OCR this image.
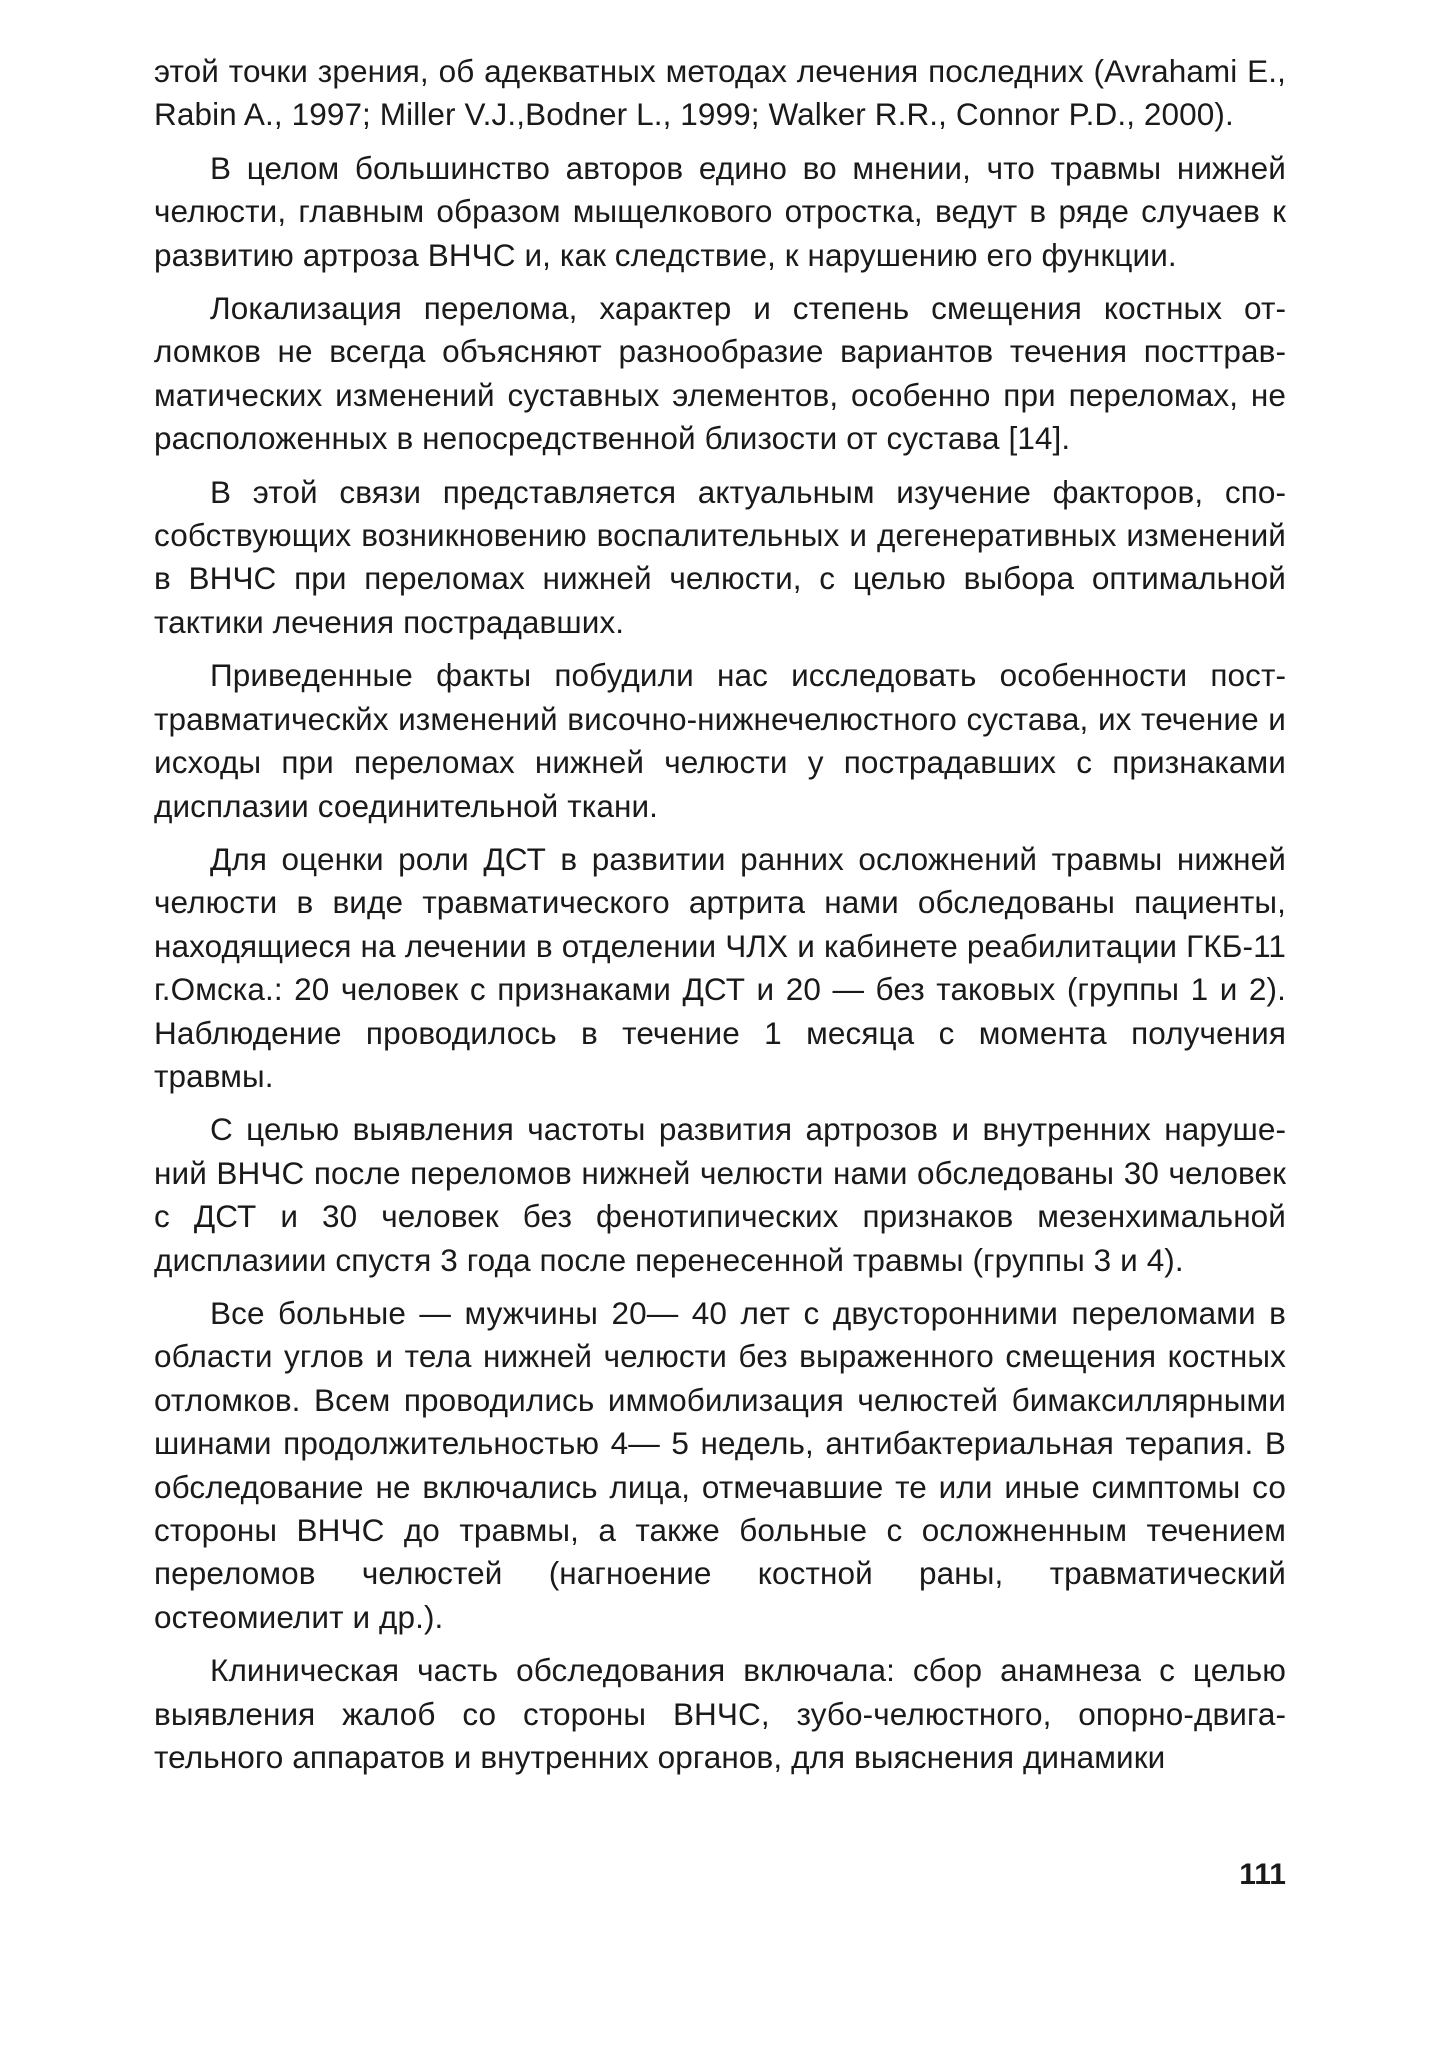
этой точки зрения, об адекватных методах лечения последних (Avrahami E., Rabin A., 1997; Miller V.J.,Bodner L., 1999; Walker R.R., Connor P.D., 2000).

В целом большинство авторов едино во мнении, что травмы нижней челюсти, главным образом мыщелкового отростка, ведут в ряде случаев к развитию артроза ВНЧС и, как следствие, к нарушению его функции.

Локализация перелома, характер и степень смещения костных отломков не всегда объясняют разнообразие вариантов течения посттравматических изменений суставных элементов, особенно при переломах, не расположенных в непосредственной близости от сустава [14].

В этой связи представляется актуальным изучение факторов, способствующих возникновению воспалительных и дегенеративных изменений в ВНЧС при переломах нижней челюсти, с целью выбора оптимальной тактики лечения пострадавших.

Приведенные факты побудили нас исследовать особенности посттравматическйх изменений височно-нижнечелюстного сустава, их течение и исходы при переломах нижней челюсти у пострадавших с признаками дисплазии соединительной ткани.

Для оценки роли ДСТ в развитии ранних осложнений травмы нижней челюсти в виде травматического артрита нами обследованы пациенты, находящиеся на лечении в отделении ЧЛХ и кабинете реабилитации ГКБ-11 г.Омска.: 20 человек с признаками ДСТ и 20 — без таковых (группы 1 и 2). Наблюдение проводилось в течение 1 месяца с момента получения травмы.

С целью выявления частоты развития артрозов и внутренних нарушений ВНЧС после переломов нижней челюсти нами обследованы 30 человек с ДСТ и 30 человек без фенотипических признаков мезенхимальной дисплазиии спустя 3 года после перенесенной травмы (группы 3 и 4).

Все больные — мужчины 20— 40 лет с двусторонними переломами в области углов и тела нижней челюсти без выраженного смещения костных отломков. Всем проводились иммобилизация челюстей бимаксиллярными шинами продолжительностью 4— 5 недель, антибактериальная терапия. В обследование не включались лица, отмечавшие те или иные симптомы со стороны ВНЧС до травмы, а также больные с осложненным течением переломов челюстей (нагноение костной раны, травматический остеомиелит и др.).

Клиническая часть обследования включала: сбор анамнеза с целью выявления жалоб со стороны ВНЧС, зубо-челюстного, опорно-двигательного аппаратов и внутренних органов, для выяснения динамики

111
